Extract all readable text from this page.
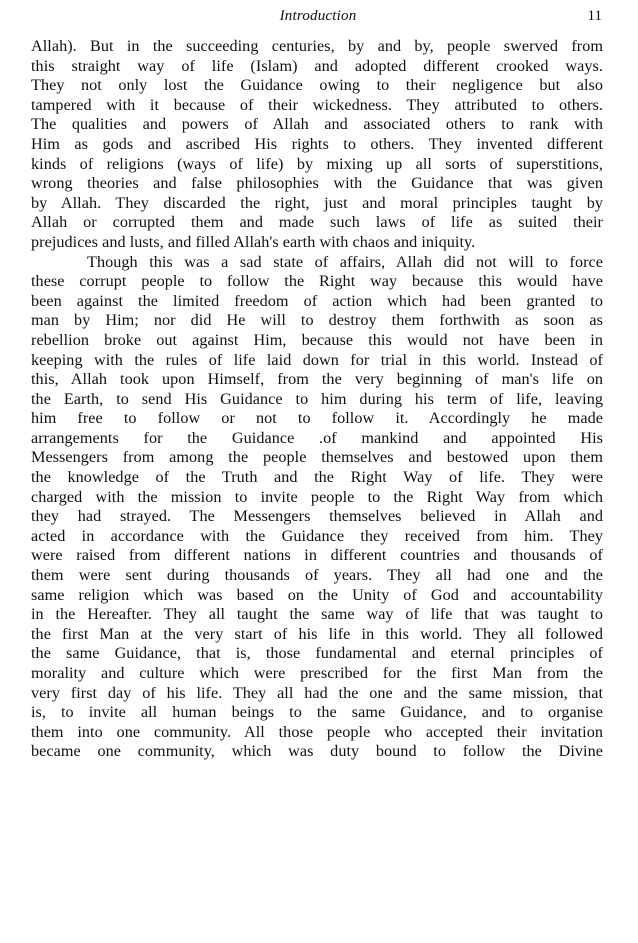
Introduction	11
Allah). But in the succeeding centuries, by and by, people swerved from
this straight way of life (Islam) and adopted different crooked ways.
They not only lost the Guidance owing to their negligence but also
tampered with it because of their wickedness. They attributed to others.
The qualities and powers of Allah and associated others to rank with
Him as gods and ascribed His rights to others. They invented different
kinds of religions (ways of life) by mixing up all sorts of superstitions,
wrong theories and false philosophies with the Guidance that was given
by Allah. They discarded the right, just and moral principles taught by
Allah or corrupted them and made such laws of life as suited their
prejudices and lusts, and filled Allah's earth with chaos and iniquity.
Though this was a sad state of affairs, Allah did not will to force
these corrupt people to follow the Right way because this would have
been against the limited freedom of action which had been granted to
man by Him; nor did He will to destroy them forthwith as soon as
rebellion broke out against Him, because this would not have been in
keeping with the rules of life laid down for trial in this world. Instead of
this, Allah took upon Himself, from the very beginning of man's life on
the Earth, to send His Guidance to him during his term of life, leaving
him free to follow or not to follow it. Accordingly he made
arrangements for the Guidance .of mankind and appointed His
Messengers from among the people themselves and bestowed upon them
the knowledge of the Truth and the Right Way of life. They were
charged with the mission to invite people to the Right Way from which
they had strayed. The Messengers themselves believed in Allah and
acted in accordance with the Guidance they received from him. They
were raised from different nations in different countries and thousands of
them were sent during thousands of years. They all had one and the
same religion which was based on the Unity of God and accountability
in the Hereafter. They all taught the same way of life that was taught to
the first Man at the very start of his life in this world. They all followed
the same Guidance, that is, those fundamental and eternal principles of
morality and culture which were prescribed for the first Man from the
very first day of his life. They all had the one and the same mission, that
is, to invite all human beings to the same Guidance, and to organise
them into one community. All those people who accepted their invitation
became one community, which was duty bound to follow the Divine
